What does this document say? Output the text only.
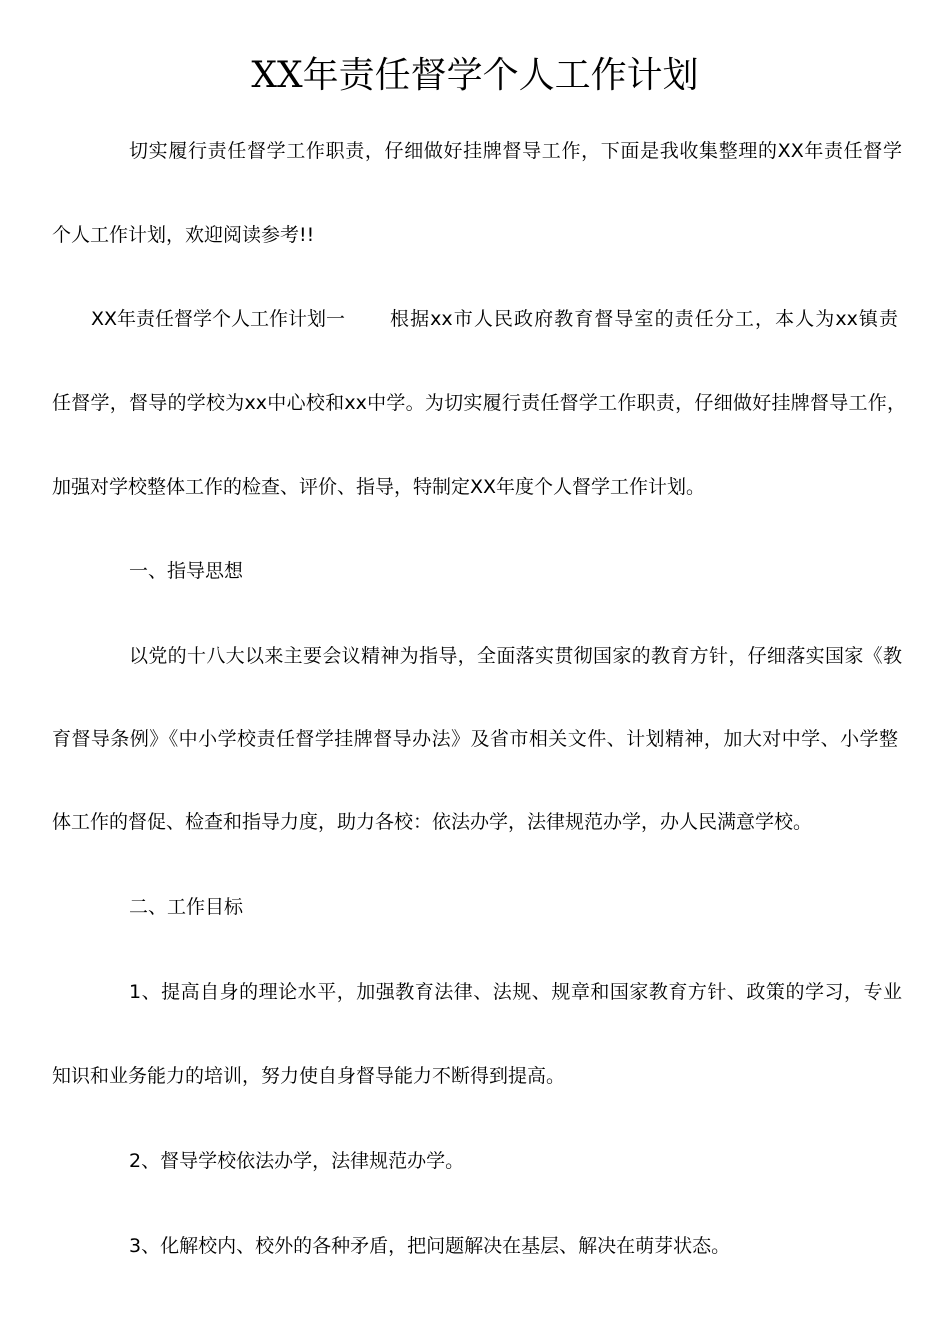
XX年责任督学个人工作计划

切实履行责任督学工作职责，仔细做好挂牌督导工作，下面是我收集整理的XX年责任督学

个人工作计划，欢迎阅读参考!!

XX年责任督学个人工作计划一 根据xx市人民政府教育督导室的责任分工，本人为xx镇责

任督学，督导的学校为xx中心校和xx中学。为切实履行责任督学工作职责，仔细做好挂牌督导工作，

加强对学校整体工作的检查、评价、指导，特制定XX年度个人督学工作计划。

一、指导思想

以党的十八大以来主要会议精神为指导，全面落实贯彻国家的教育方针，仔细落实国家《教

育督导条例》《中小学校责任督学挂牌督导办法》及省市相关文件、计划精神，加大对中学、小学整

体工作的督促、检查和指导力度，助力各校：依法办学，法律规范办学，办人民满意学校。

二、工作目标

1、提高自身的理论水平，加强教育法律、法规、规章和国家教育方针、政策的学习，专业

知识和业务能力的培训，努力使自身督导能力不断得到提高。

2、督导学校依法办学，法律规范办学。

3、化解校内、校外的各种矛盾，把问题解决在基层、解决在萌芽状态。
